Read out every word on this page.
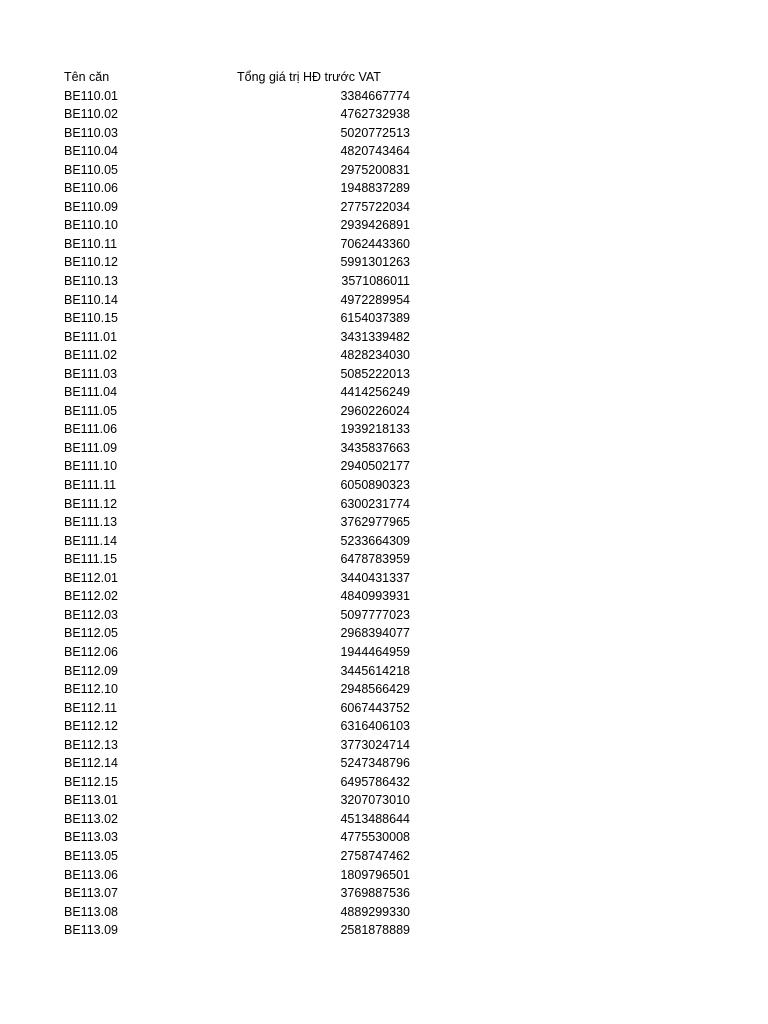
Tên căn	Tổng giá trị HĐ trước VAT
BE110.01	3384667774
BE110.02	4762732938
BE110.03	5020772513
BE110.04	4820743464
BE110.05	2975200831
BE110.06	1948837289
BE110.09	2775722034
BE110.10	2939426891
BE110.11	7062443360
BE110.12	5991301263
BE110.13	3571086011
BE110.14	4972289954
BE110.15	6154037389
BE111.01	3431339482
BE111.02	4828234030
BE111.03	5085222013
BE111.04	4414256249
BE111.05	2960226024
BE111.06	1939218133
BE111.09	3435837663
BE111.10	2940502177
BE111.11	6050890323
BE111.12	6300231774
BE111.13	3762977965
BE111.14	5233664309
BE111.15	6478783959
BE112.01	3440431337
BE112.02	4840993931
BE112.03	5097777023
BE112.05	2968394077
BE112.06	1944464959
BE112.09	3445614218
BE112.10	2948566429
BE112.11	6067443752
BE112.12	6316406103
BE112.13	3773024714
BE112.14	5247348796
BE112.15	6495786432
BE113.01	3207073010
BE113.02	4513488644
BE113.03	4775530008
BE113.05	2758747462
BE113.06	1809796501
BE113.07	3769887536
BE113.08	4889299330
BE113.09	2581878889
